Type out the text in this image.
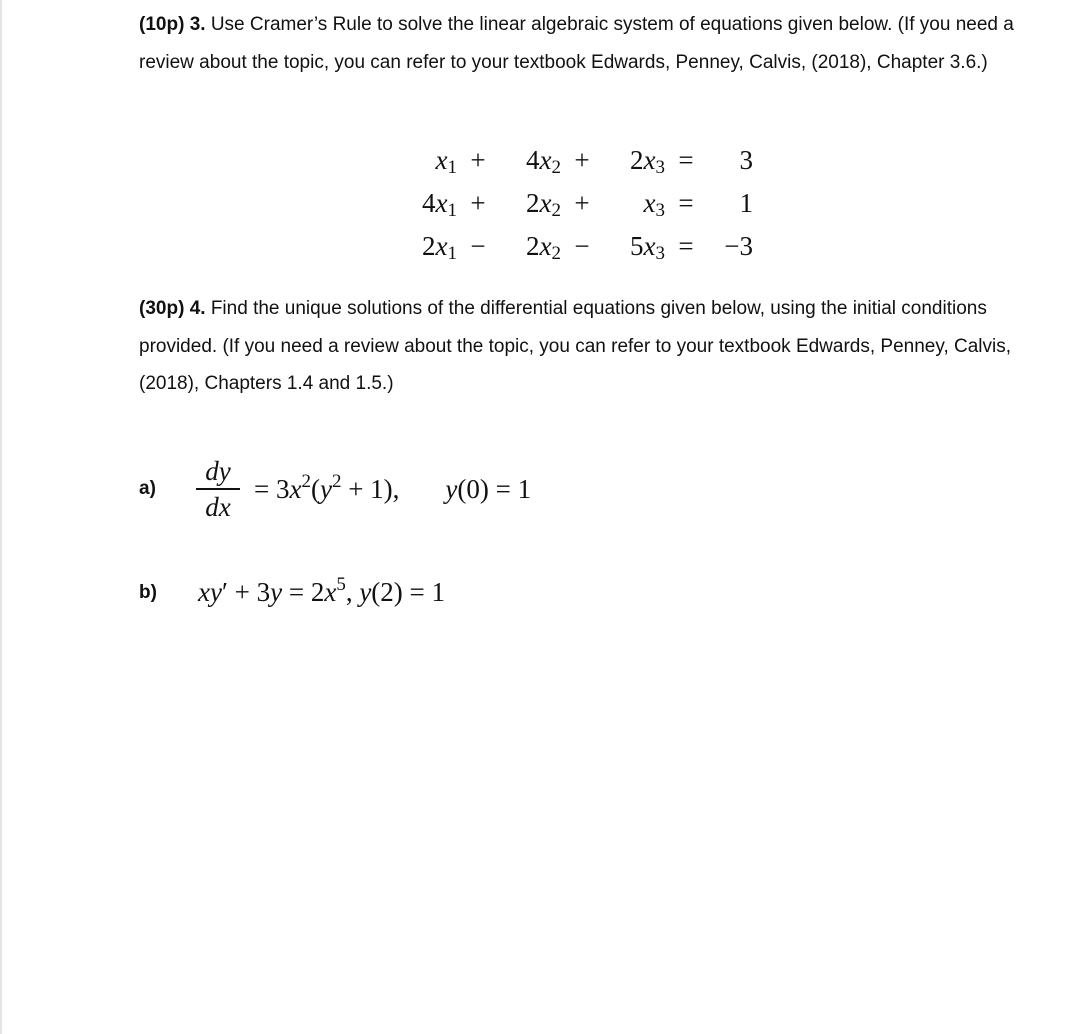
(10p) 3. Use Cramer’s Rule to solve the linear algebraic system of equations given below. (If you need a review about the topic, you can refer to your textbook Edwards, Penney, Calvis, (2018), Chapter 3.6.)
$x_1$	+	$4x_2$	+	$2x_3$	=	3
$4x_1$	+	$2x_2$	+	$x_3$	=	1
$2x_1$	−	$2x_2$	−	$5x_3$	=	−3
(30p) 4. Find the unique solutions of the differential equations given below, using the initial conditions provided. (If you need a review about the topic, you can refer to your textbook Edwards, Penney, Calvis, (2018), Chapters 1.4 and 1.5.)
$a) \frac{dy}{dx} = 3x^2(y^2 + 1)$, y(0) = 1
b) $xy' + 3y = 2x^5$, y(2) = 1
